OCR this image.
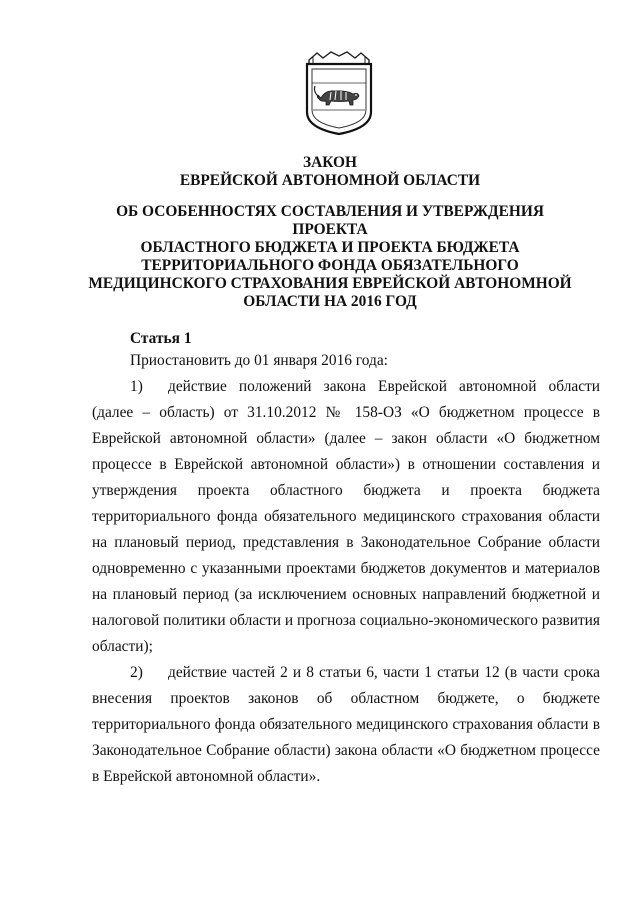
ЗАКОН
ЕВРЕЙСКОЙ АВТОНОМНОЙ ОБЛАСТИ
ОБ ОСОБЕННОСТЯХ СОСТАВЛЕНИЯ И УТВЕРЖДЕНИЯ ПРОЕКТА
ОБЛАСТНОГО БЮДЖЕТА И ПРОЕКТА БЮДЖЕТА
ТЕРРИТОРИАЛЬНОГО ФОНДА ОБЯЗАТЕЛЬНОГО
МЕДИЦИНСКОГО СТРАХОВАНИЯ ЕВРЕЙСКОЙ АВТОНОМНОЙ
ОБЛАСТИ НА 2016 ГОД
Статья 1
Приостановить до 01 января 2016 года:
1) действие положений закона Еврейской автономной области
(далее – область) от 31.10.2012 № 158-ОЗ «О бюджетном процессе в
Еврейской автономной области» (далее – закон области «О бюджетном
процессе в Еврейской автономной области») в отношении составления и
утверждения проекта областного бюджета и проекта бюджета
территориального фонда обязательного медицинского страхования области
на плановый период, представления в Законодательное Собрание области
одновременно с указанными проектами бюджетов документов и материалов
на плановый период (за исключением основных направлений бюджетной и
налоговой политики области и прогноза социально-экономического развития
области);
2) действие частей 2 и 8 статьи 6, части 1 статьи 12 (в части срока
внесения проектов законов об областном бюджете, о бюджете
территориального фонда обязательного медицинского страхования области в
Законодательное Собрание области) закона области «О бюджетном процессе
в Еврейской автономной области».
